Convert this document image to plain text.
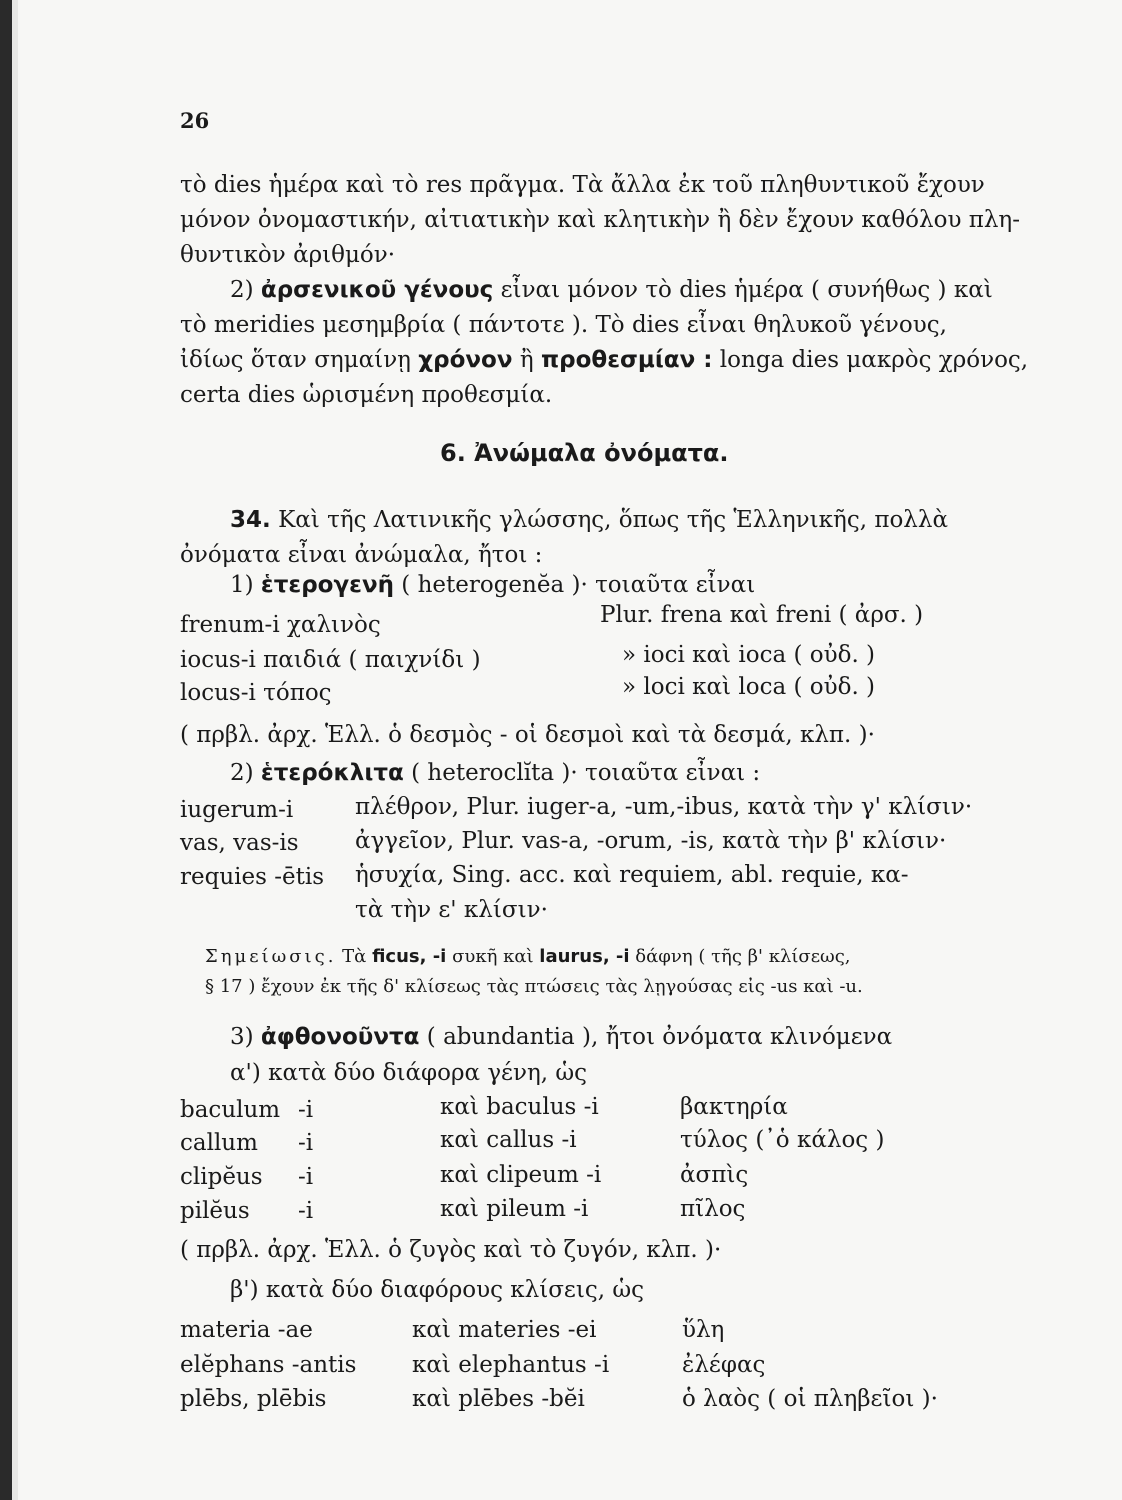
26
τὸ dies ἡμέρα καὶ τὸ res πρᾶγμα. Τὰ ἄλλα ἐκ τοῦ πληθυντικοῦ ἔχουν
μόνον ὀνομαστικήν, αἰτιατικὴν καὶ κλητικὴν ἢ δὲν ἔχουν καθόλου πλη-
θυντικὸν ἀριθμόν·
2) ἀρσενικοῦ γένους εἶναι μόνον τὸ dies ἡμέρα ( συνήθως ) καὶ
τὸ meridies μεσημβρία ( πάντοτε ). Τὸ dies εἶναι θηλυκοῦ γένους,
ἰδίως ὅταν σημαίνῃ χρόνον ἢ προθεσμίαν : longa dies μακρὸς χρόνος,
certa dies ὡρισμένη προθεσμία.
6. Ἀνώμαλα ὀνόματα.
34. Καὶ τῆς Λατινικῆς γλώσσης, ὅπως τῆς Ἑλληνικῆς, πολλὰ
ὀνόματα εἶναι ἀνώμαλα, ἤτοι :
1) ἑτερογενῆ ( heterogenĕa )· τοιαῦτα εἶναι
frenum-i χαλινὸς	Plur. frena καὶ freni ( ἀρσ. )
iocus-i παιδιά ( παιχνίδι )	» ioci καὶ ioca ( οὐδ. )
locus-i τόπος	» loci καὶ loca ( οὐδ. )
( πρβλ. ἀρχ. Ἑλλ. ὁ δεσμὸς - οἱ δεσμοὶ καὶ τὰ δεσμά, κλπ. )·
2) ἑτερόκλιτα ( heteroclĭta )· τοιαῦτα εἶναι :
iugerum-i	πλέθρον, Plur. iuger-a, -um,-ibus, κατὰ τὴν γ' κλίσιν·
vas, vas-is ἀγγεῖον, Plur. vas-a, -orum, -is, κατὰ τὴν β' κλίσιν·
requies -ētis ἡσυχία, Sing. acc. καὶ requiem, abl. requie, κα-
τὰ τὴν ε' κλίσιν·
Σημείωσις. Τὰ ficus, -i συκῆ καὶ laurus, -i δάφνη ( τῆς β' κλίσεως,
§ 17 ) ἔχουν ἐκ τῆς δ' κλίσεως τὰς πτώσεις τὰς λῃγούσας εἰς -us καὶ -u.
3) ἀφθονοῦντα ( abundantia ), ἤτοι ὀνόματα κλινόμενα
α') κατὰ δύο διάφορα γένη, ὡς
baculum -i	καὶ baculus -i	βακτηρία
callum -i	καὶ callus -i	τύλος (᾿ὁ κάλος )
clipĕus -i	καὶ clipeum -i	ἀσπὶς
pilĕus -i	καὶ pileum -i	πῖλος
( πρβλ. ἀρχ. Ἑλλ. ὁ ζυγὸς καὶ τὸ ζυγόν, κλπ. )·
β') κατὰ δύο διαφόρους κλίσεις, ὡς
materia -ae	καὶ materies -ei	ὕλη
elĕphans -antis καὶ elephantus -i	ἐλέφας
plēbs, plēbis	καὶ plēbes -bĕi	ὁ λαὸς ( οἱ πληβεῖοι )·
